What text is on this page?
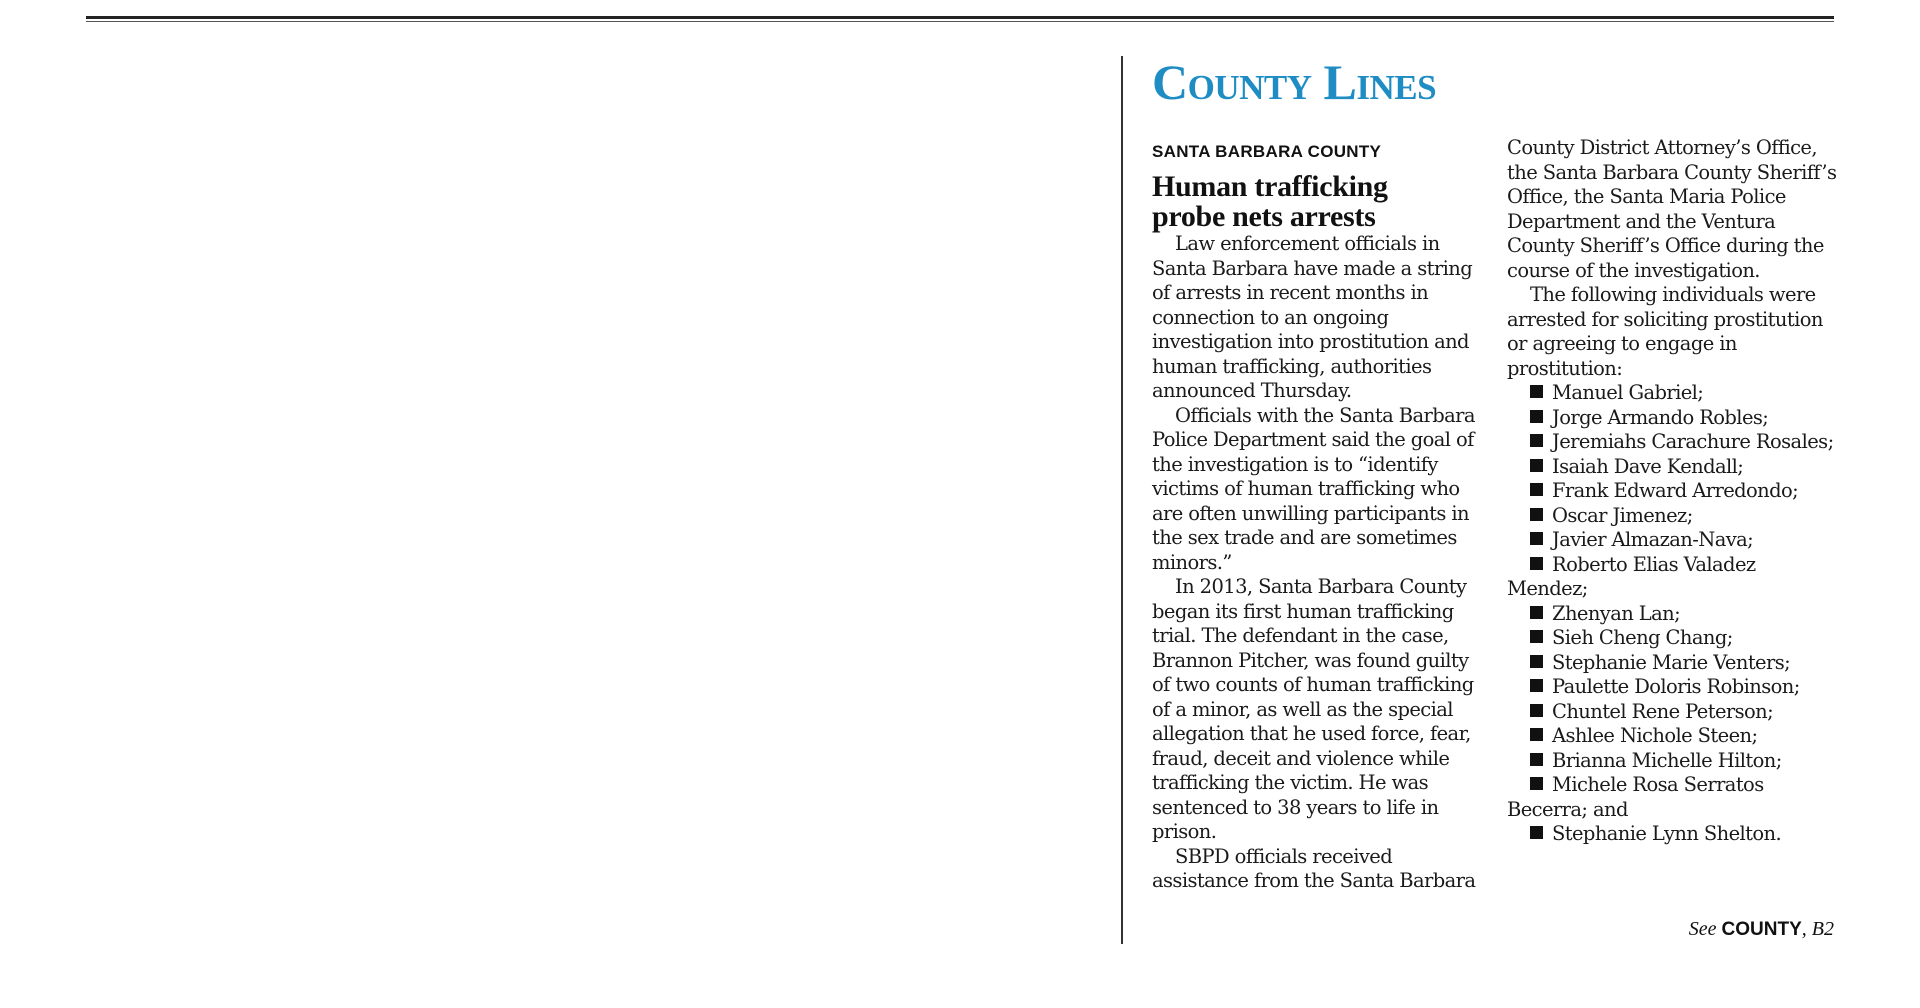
County Lines
SANTA BARBARA COUNTY
Human trafficking
probe nets arrests

Law enforcement officials in Santa Barbara have made a string of arrests in recent months in connection to an ongoing investigation into prostitution and human trafficking, authorities announced Thursday.

Officials with the Santa Barbara Police Department said the goal of the investigation is to “identify victims of human trafficking who are often unwilling participants in the sex trade and are sometimes minors.”

In 2013, Santa Barbara County began its first human trafficking trial. The defendant in the case, Brannon Pitcher, was found guilty of two counts of human trafficking of a minor, as well as the special allegation that he used force, fear, fraud, deceit and violence while trafficking the victim. He was sentenced to 38 years to life in prison.

SBPD officials received assistance from the Santa Barbara

County District Attorney’s Office, the Santa Barbara County Sheriff’s Office, the Santa Maria Police Department and the Ventura County Sheriff’s Office during the course of the investigation.

The following individuals were arrested for soliciting prostitution or agreeing to engage in prostitution:

Manuel Gabriel;
Jorge Armando Robles;
Jeremiahs Carachure Rosales;
Isaiah Dave Kendall;
Frank Edward Arredondo;
Oscar Jimenez;
Javier Almazan-Nava;
Roberto Elias Valadez Mendez;
Zhenyan Lan;
Sieh Cheng Chang;
Stephanie Marie Venters;
Paulette Doloris Robinson;
Chuntel Rene Peterson;
Ashlee Nichole Steen;
Brianna Michelle Hilton;
Michele Rosa Serratos Becerra; and
Stephanie Lynn Shelton.
See COUNTY, B2
